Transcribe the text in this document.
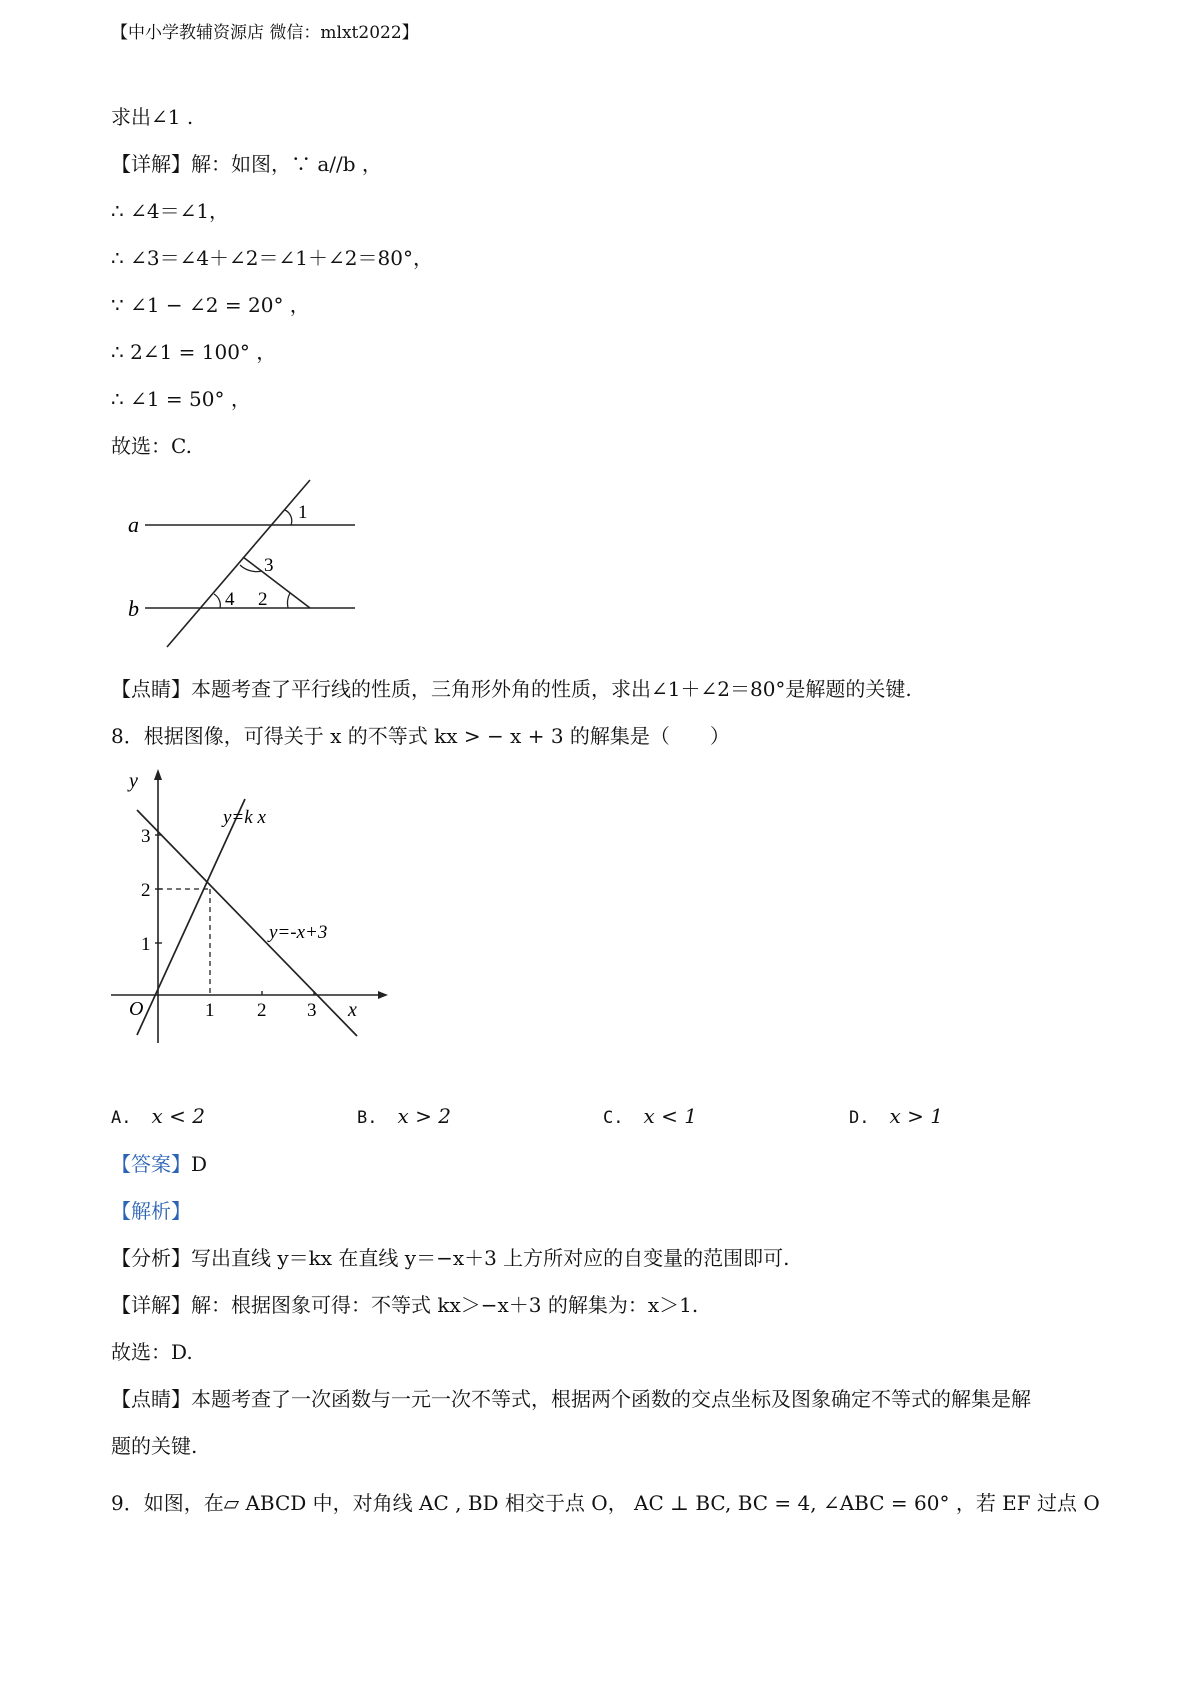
【中小学教辅资源店 微信：mlxt2022】
求出∠1 .
【详解】解：如图，∵ a//b ，
∴ ∠4＝∠1，
∴ ∠3＝∠4＋∠2＝∠1＋∠2＝80°，
∵ ∠1 − ∠2 = 20° ，
∴ 2∠1 = 100° ，
∴ ∠1 = 50° ，
故选：C.
a
b
1
3
4 2
【点睛】本题考查了平行线的性质，三角形外角的性质，求出∠1＋∠2＝80°是解题的关键.
8．根据图像，可得关于 x 的不等式 kx > − x + 3 的解集是（　　）
y
x
O
y=k x
y=-x+3
1 2 3
1
2
3
A. x < 2	B. x > 2	C. x < 1	D. x > 1
【答案】D
【解析】
【分析】写出直线 y＝kx 在直线 y＝−x＋3 上方所对应的自变量的范围即可.
【详解】解：根据图象可得：不等式 kx＞−x＋3 的解集为：x＞1.
故选：D.
【点睛】本题考查了一次函数与一元一次不等式，根据两个函数的交点坐标及图象确定不等式的解集是解
题的关键.
9．如图，在▱ ABCD 中，对角线 AC , BD 相交于点 O， AC ⊥ BC, BC = 4, ∠ABC = 60° ，若 EF 过点 O
